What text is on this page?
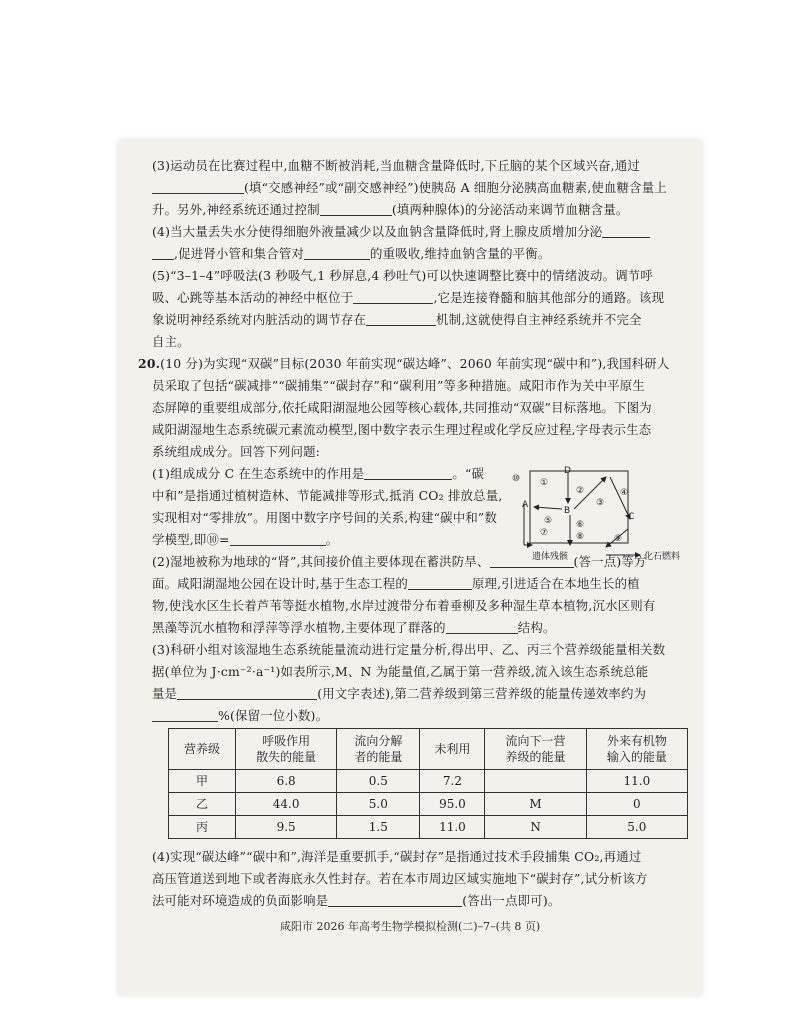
(3)运动员在比赛过程中,血糖不断被消耗,当血糖含量降低时,下丘脑的某个区域兴奋,通过

(填“交感神经”或“副交感神经”)使胰岛 A 细胞分泌胰高血糖素,使血糖含量上

升。另外,神经系统还通过控制	(填两种腺体)的分泌活动来调节血糖含量。

(4)当大量丢失水分使得细胞外液量减少以及血钠含量降低时,肾上腺皮质增加分泌

,促进肾小管和集合管对	的重吸收,维持血钠含量的平衡。

(5)“3–1–4”呼吸法(3 秒吸气,1 秒屏息,4 秒吐气)可以快速调整比赛中的情绪波动。调节呼

吸、心跳等基本活动的神经中枢位于	,它是连接脊髓和脑其他部分的通路。该现

象说明神经系统对内脏活动的调节存在	机制,这就使得自主神经系统并不完全

自主。

20.(10 分)为实现“双碳”目标(2030 年前实现“碳达峰”、2060 年前实现“碳中和”),我国科研人

员采取了包括“碳减排”“碳捕集”“碳封存”和“碳利用”等多种措施。咸阳市作为关中平原生

态屏障的重要组成部分,依托咸阳湖湿地公园等核心载体,共同推动“双碳”目标落地。下图为

咸阳湖湿地生态系统碳元素流动模型,图中数字表示生理过程或化学反应过程,字母表示生态

系统组成成分。回答下列问题:

(1)组成成分 C 在生态系统中的作用是	。“碳

中和”是指通过植树造林、节能减排等形式,抵消 CO₂ 排放总量,

实现相对“零排放”。用图中数字序号间的关系,构建“碳中和”数

学模型,即⑩=	。

(2)湿地被称为地球的“肾”,其间接价值主要体现在蓄洪防旱、	(答一点)等方

面。咸阳湖湿地公园在设计时,基于生态工程的	原理,引进适合在本地生长的植

物,使浅水区生长着芦苇等挺水植物,水岸过渡带分布着垂柳及多种湿生草本植物,沉水区则有

黑藻等沉水植物和浮萍等浮水植物,主要体现了群落的	结构。

(3)科研小组对该湿地生态系统能量流动进行定量分析,得出甲、乙、丙三个营养级能量相关数

据(单位为 J·cm⁻²·a⁻¹)如表所示,M、N 为能量值,乙属于第一营养级,流入该生态系统总能

量是	(用文字表述),第二营养级到第三营养级的能量传递效率约为

%(保留一位小数)。

D
A
B
C
遗体残骸	化石燃料
⑩ ①
②
③
④
⑤	⑥
⑦	⑧	⑨
营养级	呼吸作用
散失的能量	流向分解
者的能量	未利用	流向下一营
养级的能量	外来有机物
输入的能量
甲	6.8	0.5	7.2		11.0
乙	44.0	5.0	95.0	M	0
丙	9.5	1.5	11.0	N	5.0

(4)实现“碳达峰”“碳中和”,海洋是重要抓手,“碳封存”是指通过技术手段捕集 CO₂,再通过

高压管道送到地下或者海底永久性封存。若在本市周边区域实施地下“碳封存”,试分析该方

法可能对环境造成的负面影响是	(答出一点即可)。

咸阳市 2026 年高考生物学模拟检测(二)–7–(共 8 页)
